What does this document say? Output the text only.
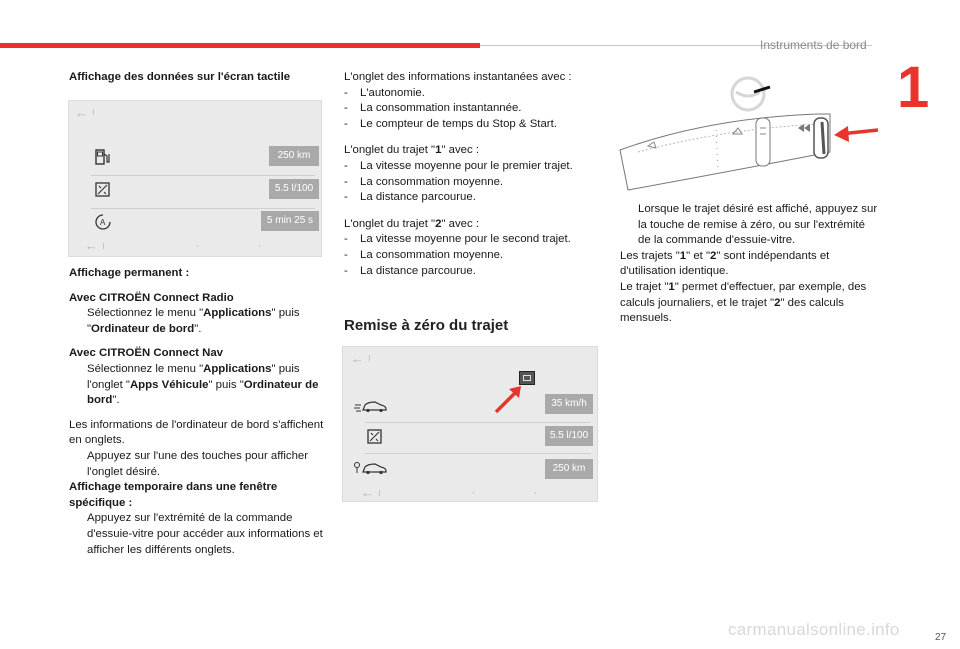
Instruments de bord
1

Affichage des données sur l'écran tactile

←
250 km
5.5 l/100
A	5 min 25 s
←

Affichage permanent :

Avec CITROËN Connect Radio

Sélectionnez le menu "Applications" puis "Ordinateur de bord".

Avec CITROËN Connect Nav

Sélectionnez le menu "Applications" puis l'onglet "Apps Véhicule" puis "Ordinateur de bord".

Les informations de l'ordinateur de bord s'affichent en onglets.

Appuyez sur l'une des touches pour afficher l'onglet désiré.

Affichage temporaire dans une fenêtre spécifique :

Appuyez sur l'extrémité de la commande d'essuie-vitre pour accéder aux informations et afficher les différents onglets.

L'onglet des informations instantanées avec :

- L'autonomie.

- La consommation instantannée.

- Le compteur de temps du Stop & Start.

L'onglet du trajet "1" avec :

- La vitesse moyenne pour le premier trajet.

- La consommation moyenne.

- La distance parcourue.

L'onglet du trajet "2" avec :

- La vitesse moyenne pour le second trajet.

- La consommation moyenne.

- La distance parcourue.

Remise à zéro du trajet

←
35 km/h
5.5 l/100
250 km
←

Lorsque le trajet désiré est affiché, appuyez sur la touche de remise à zéro, ou sur l'extrémité de la commande d'essuie-vitre.

Les trajets "1" et "2" sont indépendants et d'utilisation identique.

Le trajet "1" permet d'effectuer, par exemple, des calculs journaliers, et le trajet "2" des calculs mensuels.

carmanualsonline.info	27
